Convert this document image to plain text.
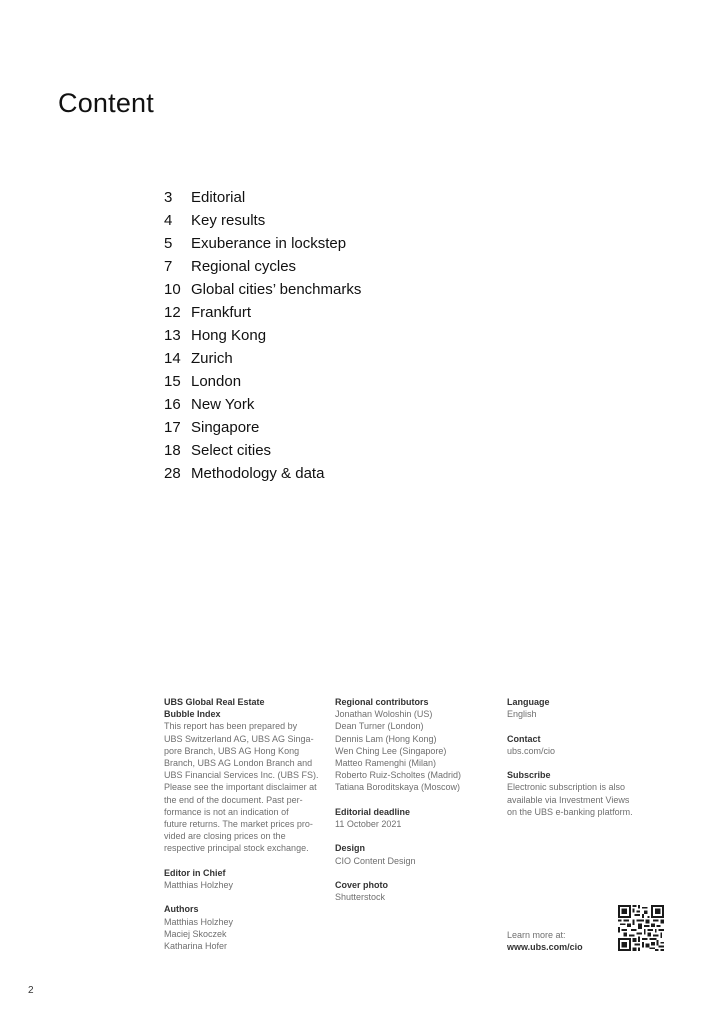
Content
3	Editorial
4	Key results
5	Exuberance in lockstep
7	Regional cycles
10 Global cities’ benchmarks
12 Frankfurt
13 Hong Kong
14 Zurich
15 London
16 New York
17 Singapore
18 Select cities
28 Methodology & data
UBS Global Real Estate
Bubble Index
This report has been prepared by
UBS Switzerland AG, UBS AG Singa-
pore Branch, UBS AG Hong Kong
Branch, UBS AG London Branch and
UBS Financial Services Inc. (UBS FS).
Please see the important disclaimer at
the end of the document. Past per-
formance is not an indication of
future returns. The market prices pro-
vided are closing prices on the
respective principal stock exchange.
Editor in Chief
Matthias Holzhey
Authors
Matthias Holzhey
Maciej Skoczek
Katharina Hofer
Regional contributors
Jonathan Woloshin (US)
Dean Turner (London)
Dennis Lam (Hong Kong)
Wen Ching Lee (Singapore)
Matteo Ramenghi (Milan)
Roberto Ruiz-Scholtes (Madrid)
Tatiana Boroditskaya (Moscow)
Editorial deadline
11 October 2021
Design
CIO Content Design
Cover photo
Shutterstock
Language
English
Contact
ubs.com/cio
Subscribe
Electronic subscription is also
available via Investment Views
on the UBS e-banking platform.
Learn more at:
www.ubs.com/cio
2
